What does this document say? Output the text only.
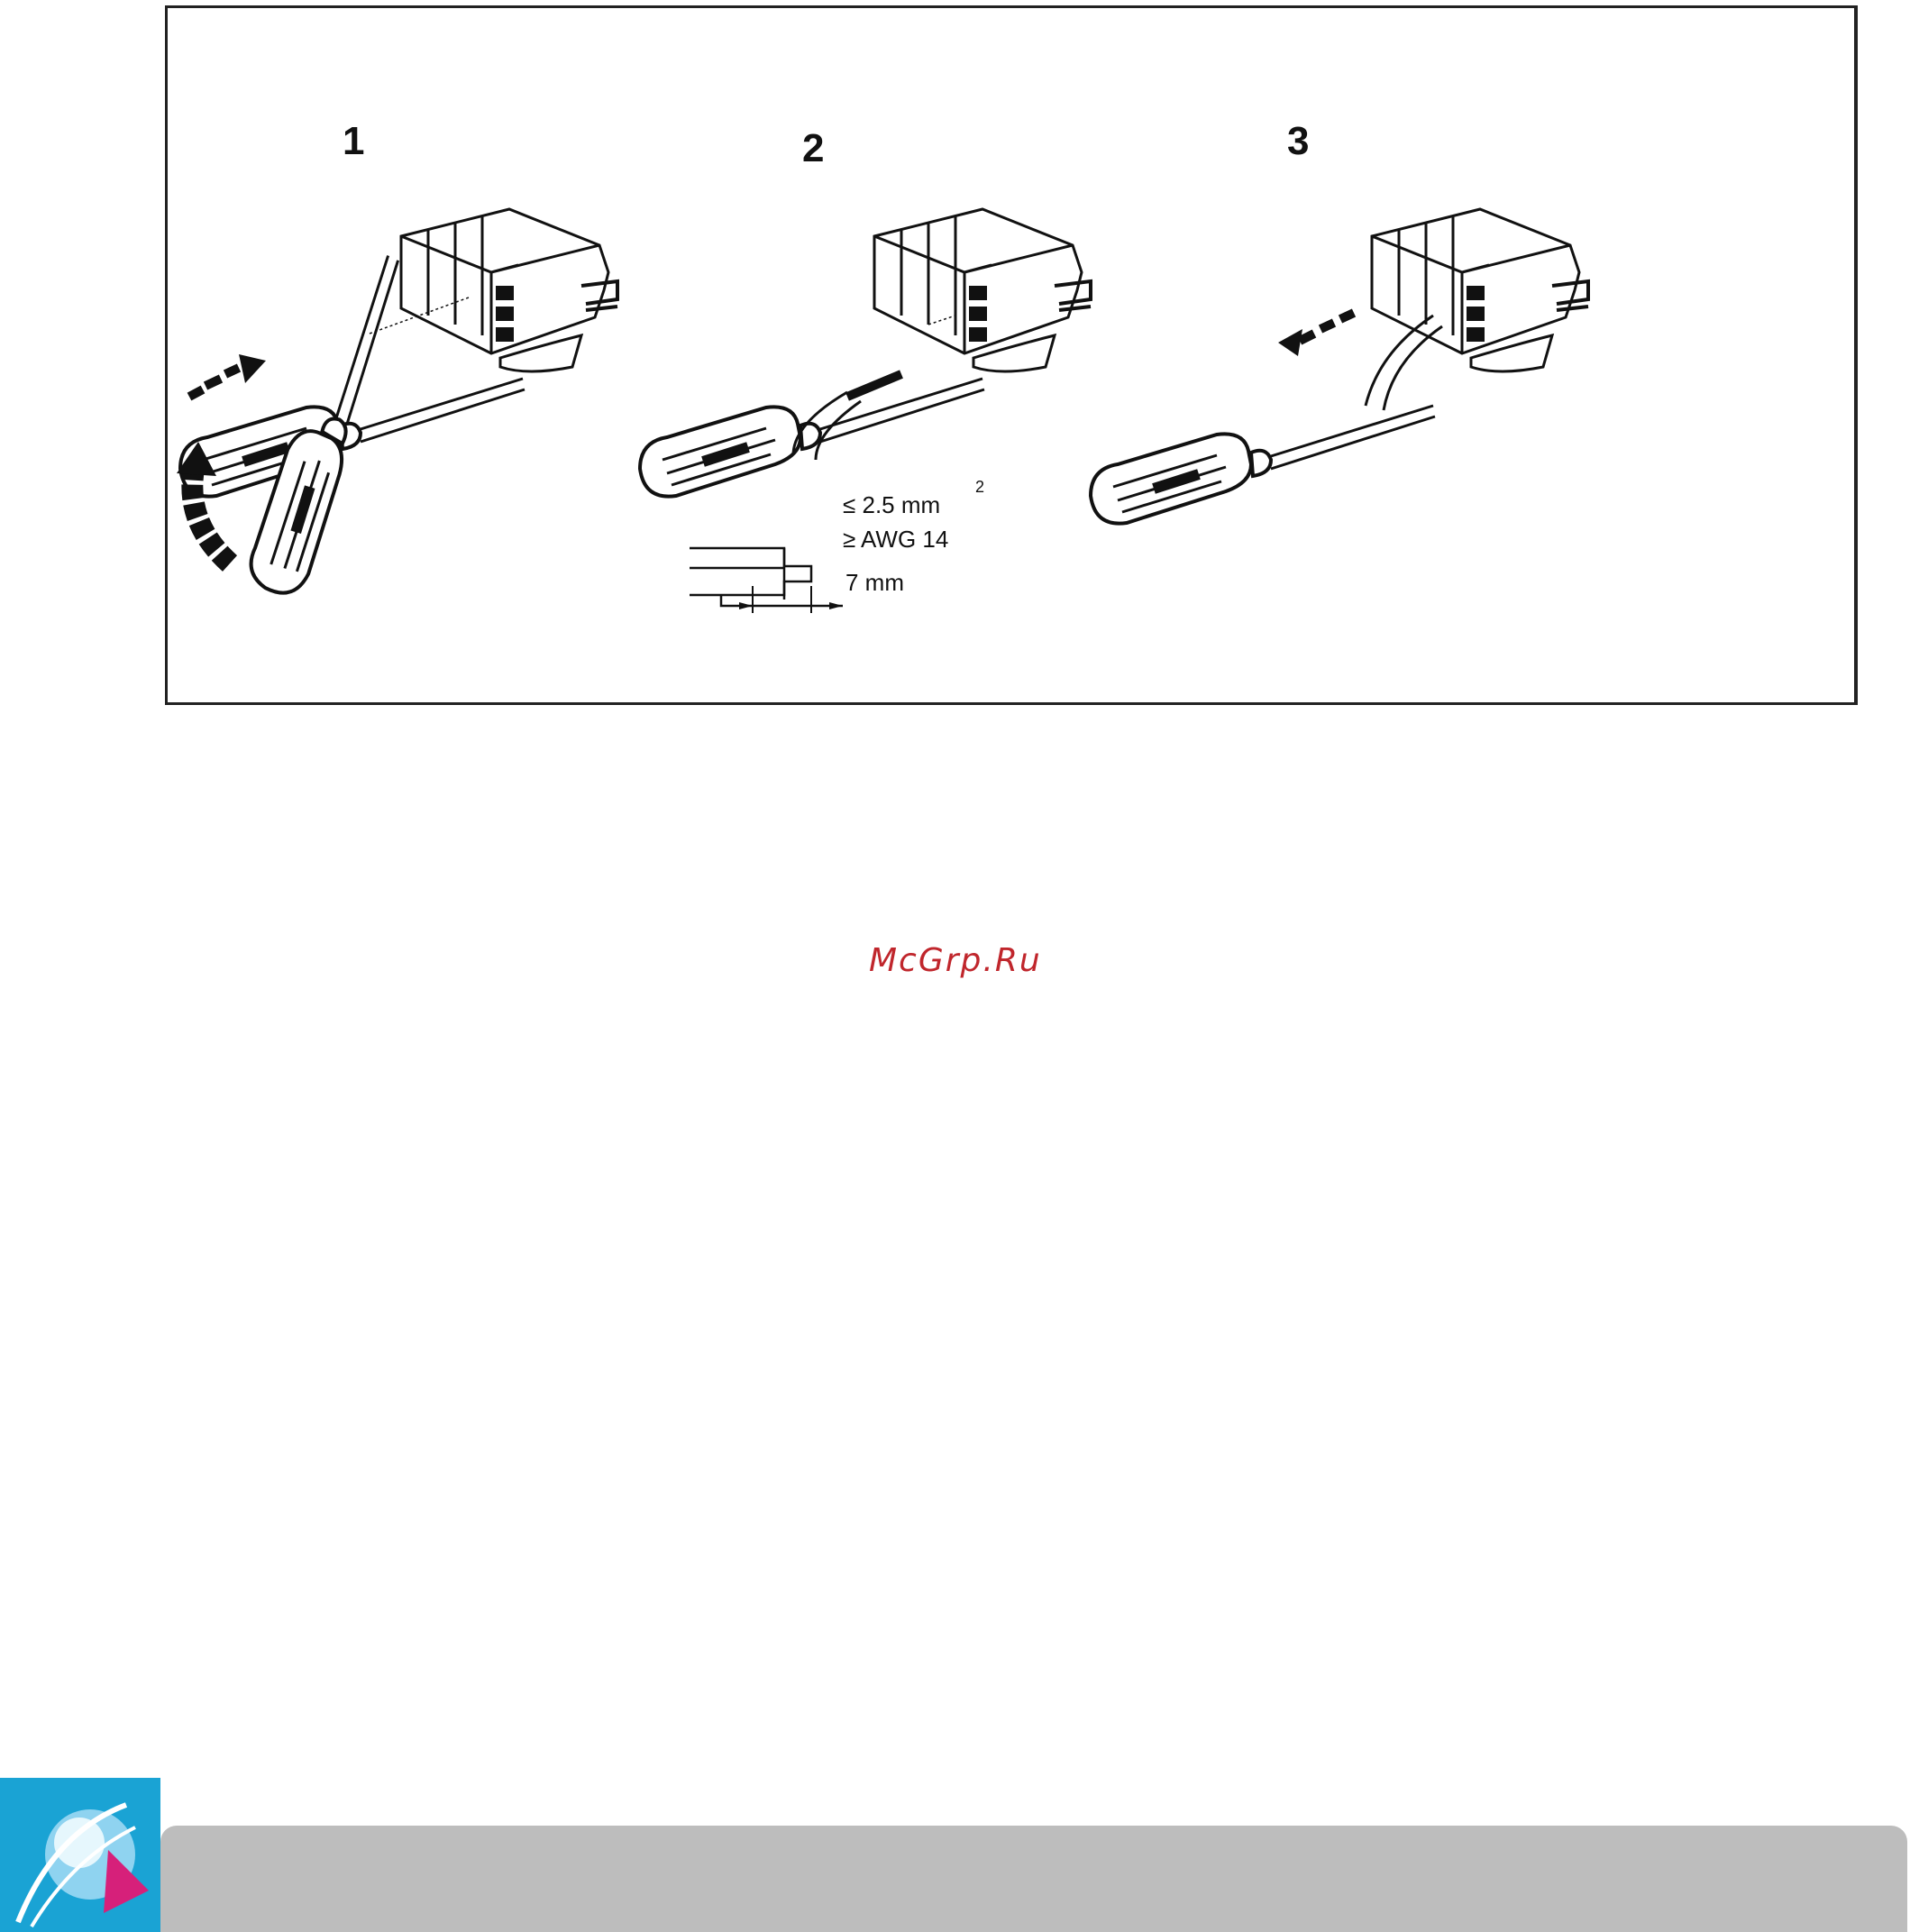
1	2	3
≤ 2.5 mm
2
≥ AWG 14
7 mm
McGrp.Ru
